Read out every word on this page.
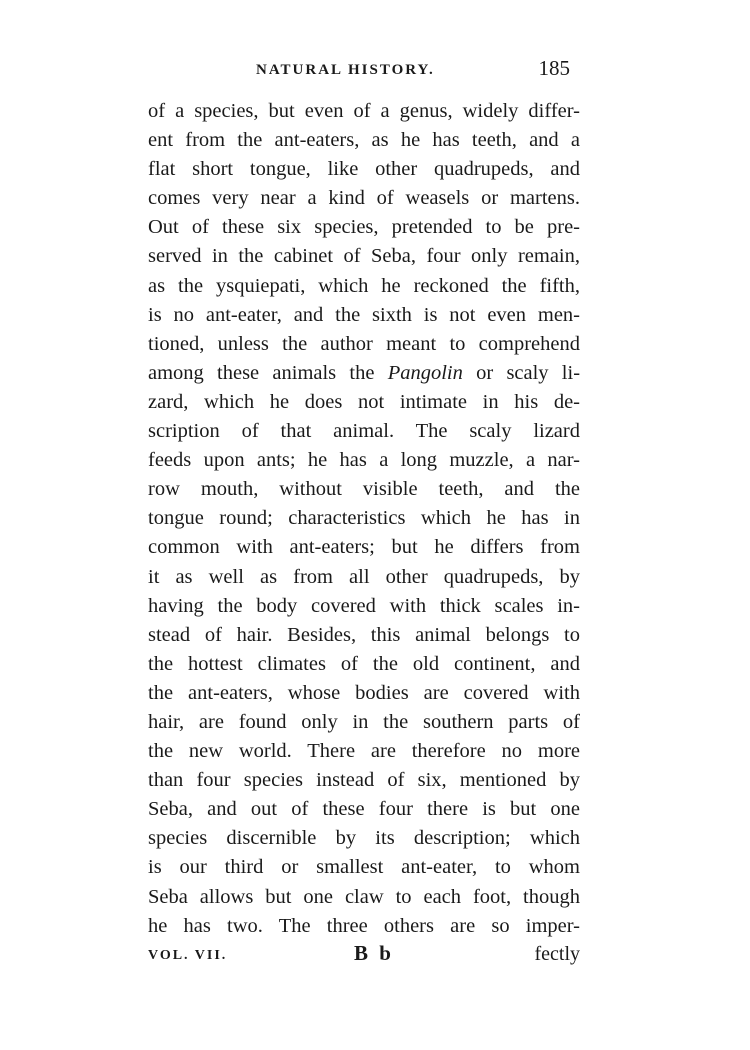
NATURAL HISTORY.	185
of a species, but even of a genus, widely differ-
ent from the ant-eaters, as he has teeth, and a
flat short tongue, like other quadrupeds, and
comes very near a kind of weasels or martens.
Out of these six species, pretended to be pre-
served in the cabinet of Seba, four only remain,
as the ysquiepati, which he reckoned the fifth,
is no ant-eater, and the sixth is not even men-
tioned, unless the author meant to comprehend
among these animals the Pangolin or scaly li-
zard, which he does not intimate in his de-
scription of that animal. The scaly lizard
feeds upon ants; he has a long muzzle, a nar-
row mouth, without visible teeth, and the
tongue round; characteristics which he has in
common with ant-eaters; but he differs from
it as well as from all other quadrupeds, by
having the body covered with thick scales in-
stead of hair. Besides, this animal belongs to
the hottest climates of the old continent, and
the ant-eaters, whose bodies are covered with
hair, are found only in the southern parts of
the new world. There are therefore no more
than four species instead of six, mentioned by
Seba, and out of these four there is but one
species discernible by its description; which
is our third or smallest ant-eater, to whom
Seba allows but one claw to each foot, though
he has two. The three others are so imper-
VOL. VII.	B b	fectly
